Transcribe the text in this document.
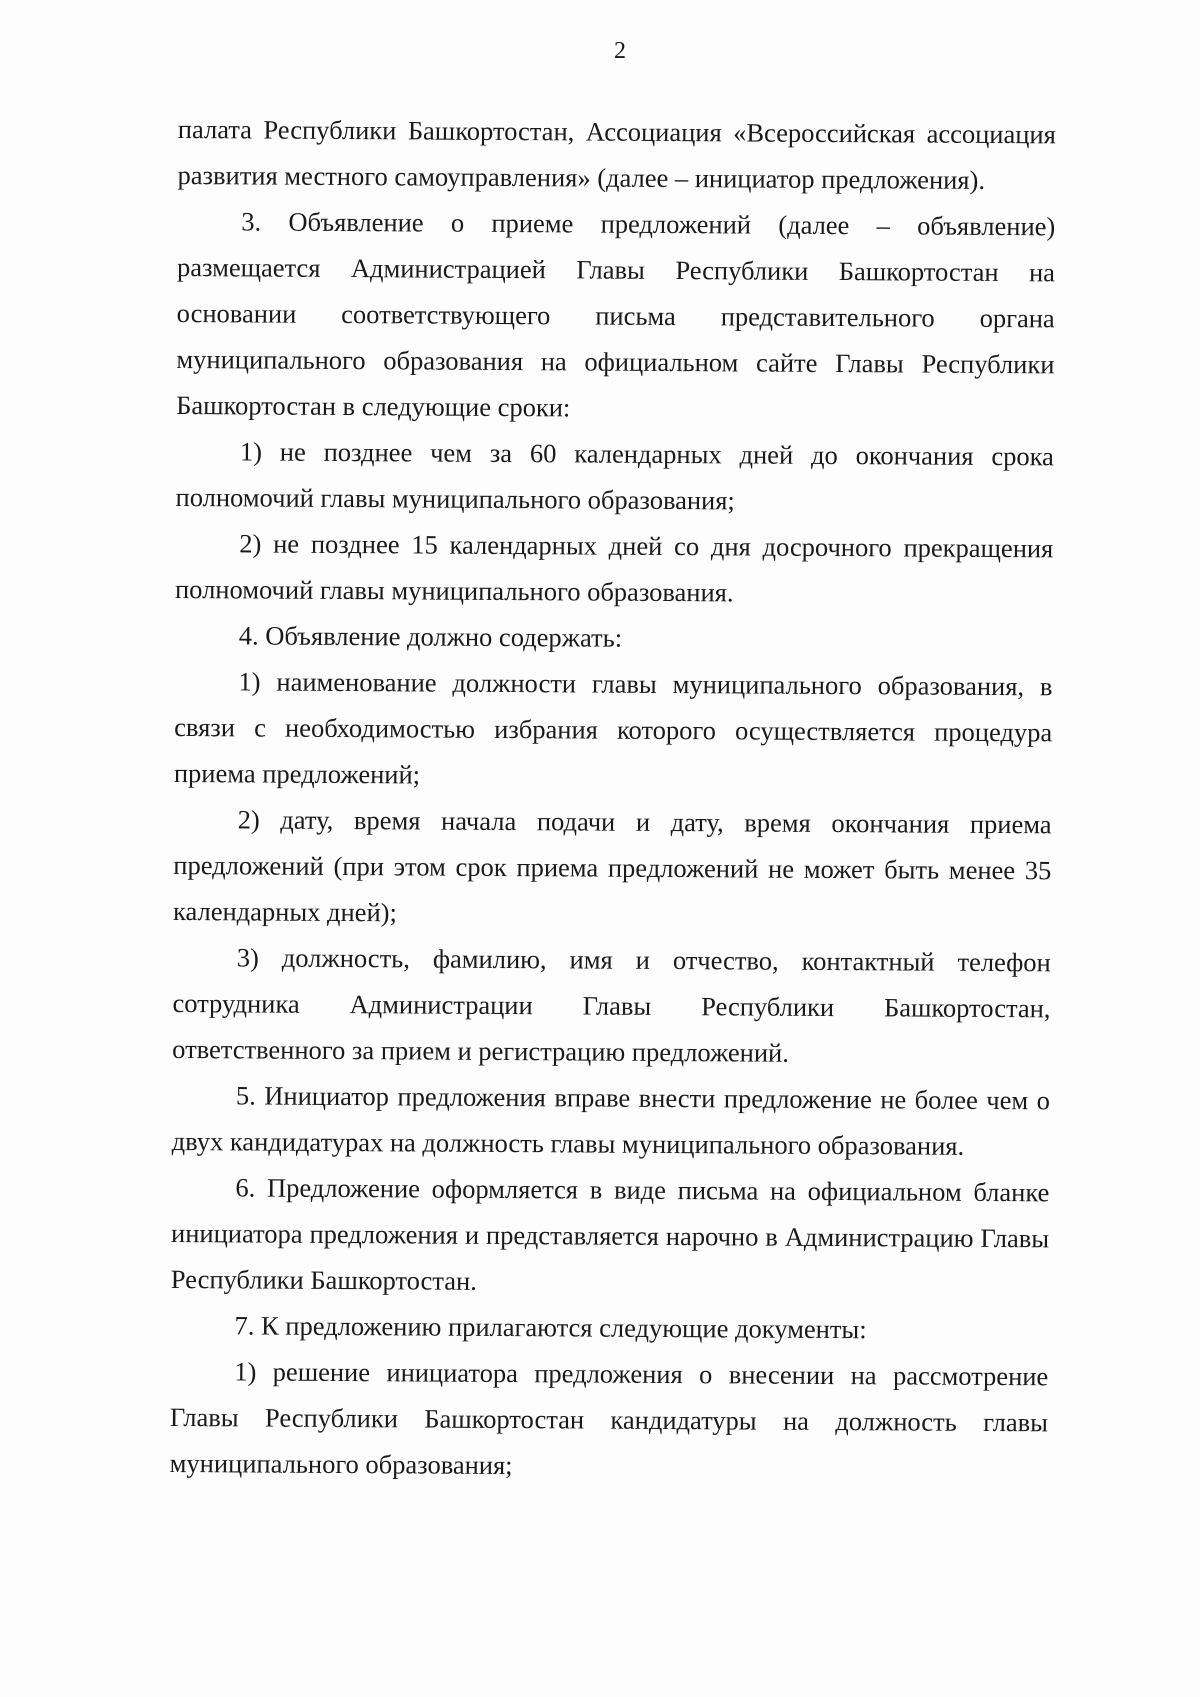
2

палата Республики Башкортостан, Ассоциация «Всероссийская ассоциация развития местного самоуправления» (далее – инициатор предложения).

3. Объявление о приеме предложений (далее – объявление) размещается Администрацией Главы Республики Башкортостан на основании соответствующего письма представительного органа муниципального образования на официальном сайте Главы Республики Башкортостан в следующие сроки:

1) не позднее чем за 60 календарных дней до окончания срока полномочий главы муниципального образования;

2) не позднее 15 календарных дней со дня досрочного прекращения полномочий главы муниципального образования.

4. Объявление должно содержать:

1) наименование должности главы муниципального образования, в связи с необходимостью избрания которого осуществляется процедура приема предложений;

2) дату, время начала подачи и дату, время окончания приема предложений (при этом срок приема предложений не может быть менее 35 календарных дней);

3) должность, фамилию, имя и отчество, контактный телефон сотрудника Администрации Главы Республики Башкортостан, ответственного за прием и регистрацию предложений.

5. Инициатор предложения вправе внести предложение не более чем о двух кандидатурах на должность главы муниципального образования.

6. Предложение оформляется в виде письма на официальном бланке инициатора предложения и представляется нарочно в Администрацию Главы Республики Башкортостан.

7. К предложению прилагаются следующие документы:

1) решение инициатора предложения о внесении на рассмотрение Главы Республики Башкортостан кандидатуры на должность главы муниципального образования;
